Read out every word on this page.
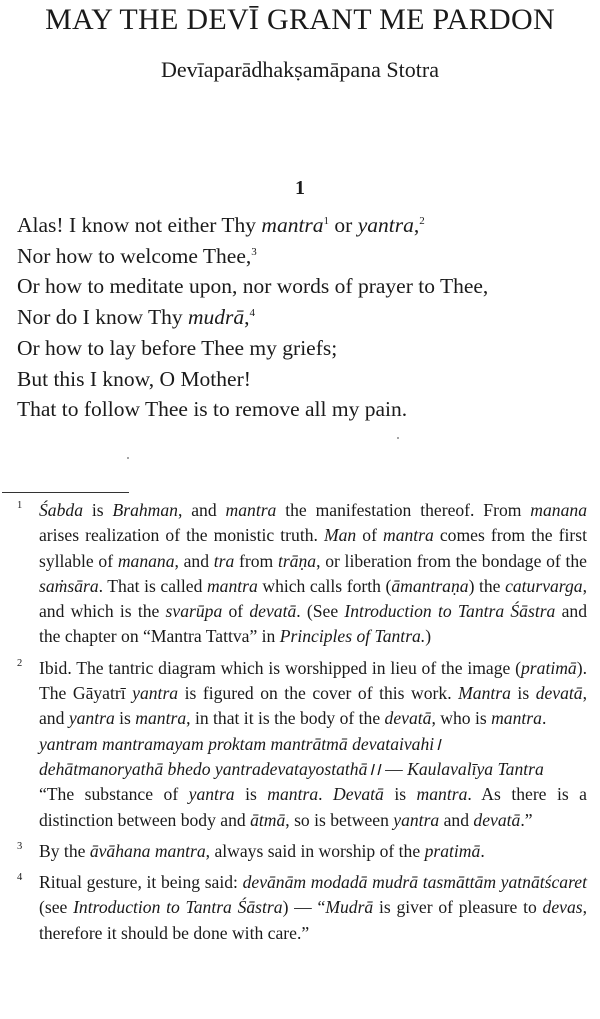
MAY THE DEVĪ GRANT ME PARDON
Devīaparādhakṣamāpana Stotra
1
Alas! I know not either Thy mantra$^1$ or yantra,$^2$
Nor how to welcome Thee,$^3$
Or how to meditate upon, nor words of prayer to Thee,
Nor do I know Thy mudrā,$^4$
Or how to lay before Thee my griefs;
But this I know, O Mother!
That to follow Thee is to remove all my pain.
1 Śabda is Brahman, and mantra the manifestation thereof. From manana arises realization of the monistic truth. Man of mantra comes from the first syllable of manana, and tra from trāṇa, or liberation from the bondage of the saṁsāra. That is called mantra which calls forth (āmantraṇa) the caturvarga, and which is the svarūpa of devatā. (See Introduction to Tantra Śāstra and the chapter on “Mantra Tattva” in Principles of Tantra.)

2 Ibid. The tantric diagram which is worshipped in lieu of the image (pratimā). The Gāyatrī yantra is figured on the cover of this work. Mantra is devatā, and yantra is mantra, in that it is the body of the devatā, who is mantra.

yantram mantramayam proktam mantrātmā devataivahi।

dehātmanoryathā bhedo yantradevatayostathā।। — Kaulavalīya Tantra

“The substance of yantra is mantra. Devatā is mantra. As there is a distinction between body and ātmā, so is between yantra and devatā.”

3 By the āvāhana mantra, always said in worship of the pratimā.

4 Ritual gesture, it being said: devānām modadā mudrā tasmāttām yatnātścaret (see Introduction to Tantra Śāstra) — “Mudrā is giver of pleasure to devas, therefore it should be done with care.”
